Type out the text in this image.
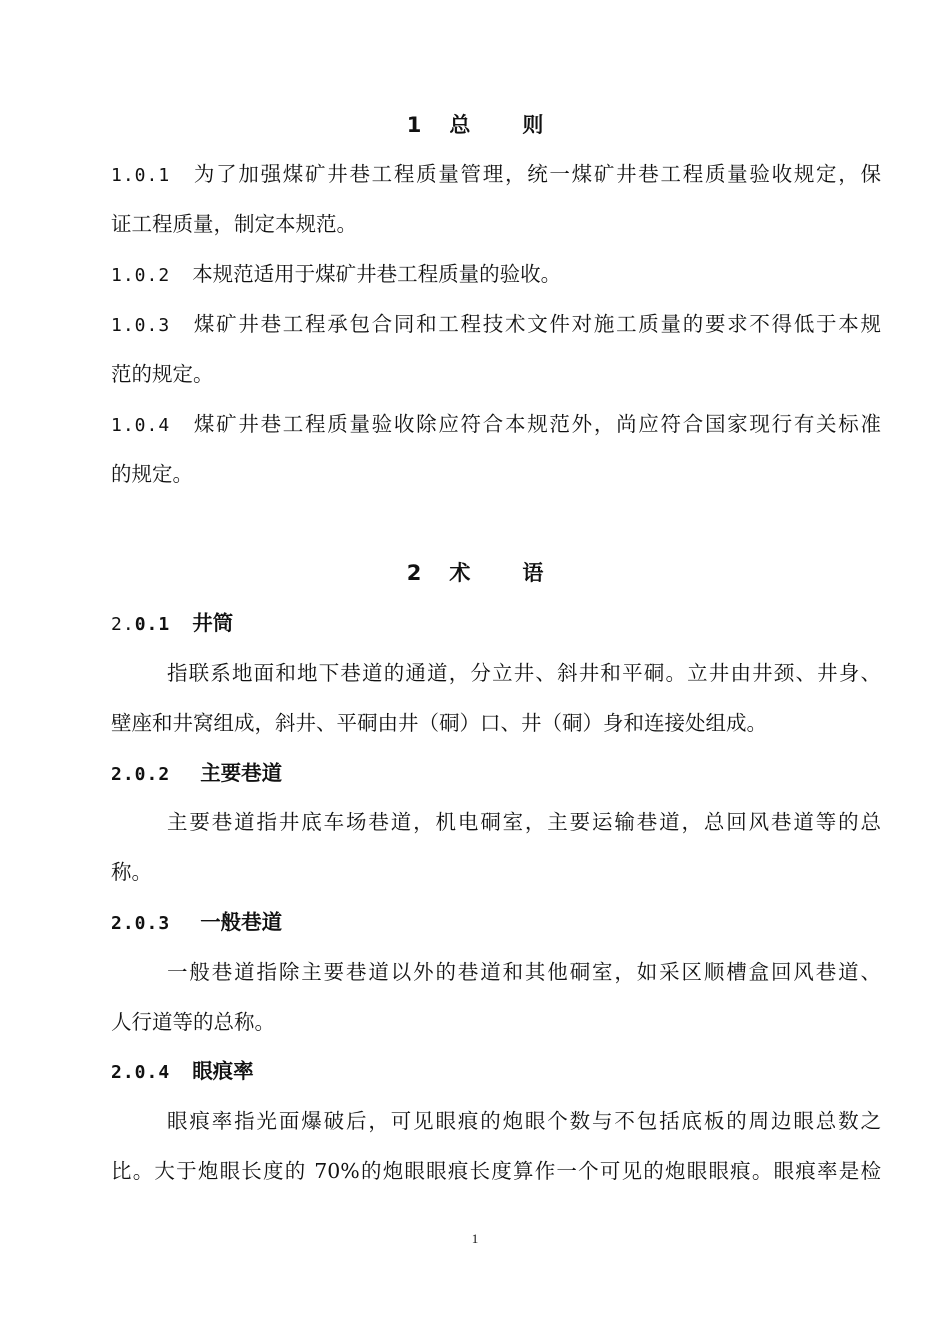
1 总 则
1.0.1 为了加强煤矿井巷工程质量管理，统一煤矿井巷工程质量验收规定，保
证工程质量，制定本规范。
1.0.2 本规范适用于煤矿井巷工程质量的验收。
1.0.3 煤矿井巷工程承包合同和工程技术文件对施工质量的要求不得低于本规
范的规定。
1.0.4 煤矿井巷工程质量验收除应符合本规范外，尚应符合国家现行有关标准
的规定。
2 术 语
2.0.1 井筒
指联系地面和地下巷道的通道，分立井、斜井和平硐。立井由井颈、井身、
壁座和井窝组成，斜井、平硐由井（硐）口、井（硐）身和连接处组成。
2.0.2 主要巷道
主要巷道指井底车场巷道，机电硐室，主要运输巷道，总回风巷道等的总
称。
2.0.3 一般巷道
一般巷道指除主要巷道以外的巷道和其他硐室，如采区顺槽盒回风巷道、
人行道等的总称。
2.0.4 眼痕率
眼痕率指光面爆破后，可见眼痕的炮眼个数与不包括底板的周边眼总数之
比。大于炮眼长度的 70%的炮眼眼痕长度算作一个可见的炮眼眼痕。眼痕率是检
1
